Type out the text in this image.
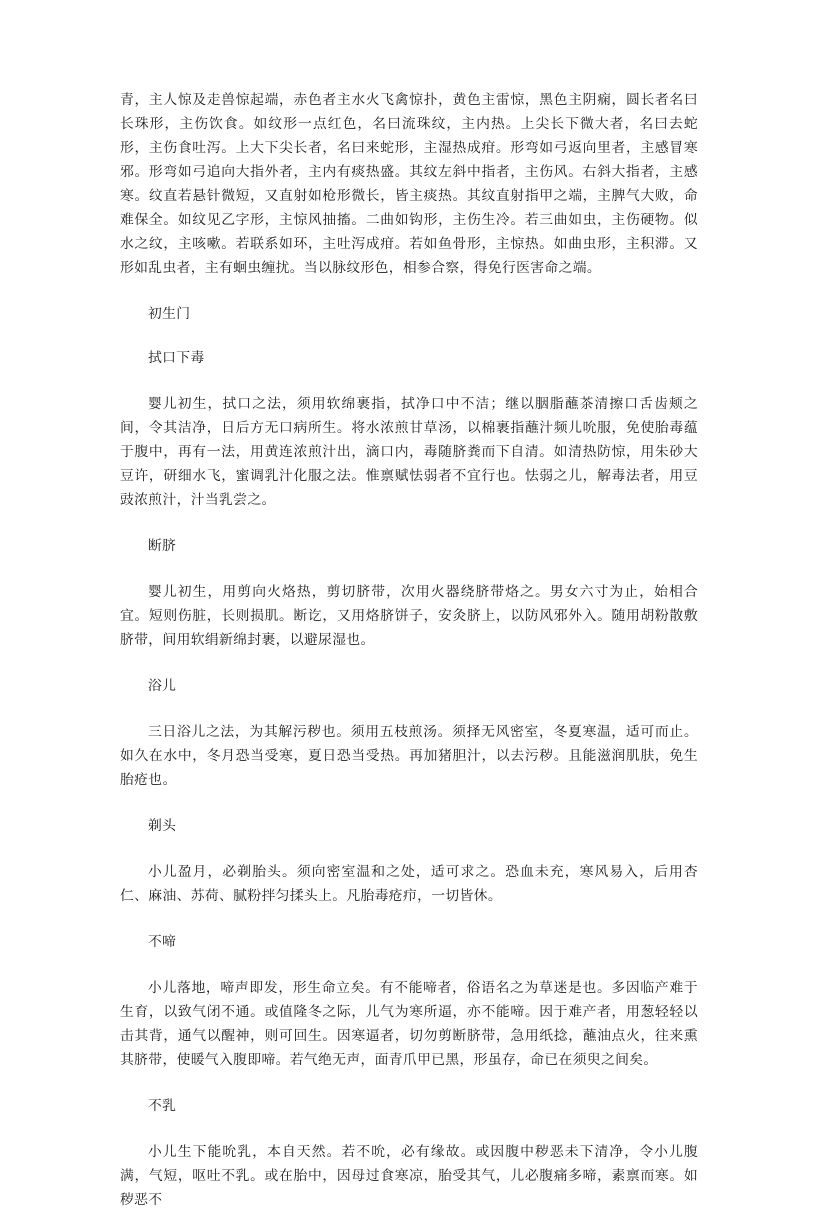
青，主人惊及走兽惊起端，赤色者主水火飞禽惊扑，黄色主雷惊，黑色主阴痫，圆长者名曰长珠形，主伤饮食。如纹形一点红色，名曰流珠纹，主内热。上尖长下微大者，名曰去蛇形，主伤食吐泻。上大下尖长者，名曰来蛇形，主湿热成疳。形弯如弓返向里者，主感冒寒邪。形弯如弓追向大指外者，主内有痰热盛。其纹左斜中指者，主伤风。右斜大指者，主感寒。纹直若悬针微短，又直射如枪形微长，皆主痰热。其纹直射指甲之端，主脾气大败，命难保全。如纹见乙字形，主惊风抽搐。二曲如钩形，主伤生冷。若三曲如虫，主伤硬物。似水之纹，主咳嗽。若联系如环，主吐泻成疳。若如鱼骨形，主惊热。如曲虫形，主积滞。又形如乱虫者，主有蛔虫缠扰。当以脉纹形色，相参合察，得免行医害命之端。

初生门

拭口下毒

婴儿初生，拭口之法，须用软绵裹指，拭净口中不洁；继以胭脂蘸茶清擦口舌齿颊之间，令其洁净，日后方无口病所生。将水浓煎甘草汤，以棉裹指蘸汁频儿吮服，免使胎毒蕴于腹中，再有一法，用黄连浓煎汁出，滴口内，毒随脐粪而下自清。如清热防惊，用朱砂大豆许，研细水飞，蜜调乳汁化服之法。惟禀赋怯弱者不宜行也。怯弱之儿，解毒法者，用豆豉浓煎汁，汁当乳尝之。

断脐

婴儿初生，用剪向火烙热，剪切脐带，次用火器绕脐带烙之。男女六寸为止，始相合宜。短则伤脏，长则损肌。断讫，又用烙脐饼子，安灸脐上，以防风邪外入。随用胡粉散敷脐带，间用软绢新绵封裹，以避尿湿也。

浴儿

三日浴儿之法，为其解污秽也。须用五枝煎汤。须择无风密室，冬夏寒温，适可而止。如久在水中，冬月恐当受寒，夏日恐当受热。再加猪胆汁，以去污秽。且能滋润肌肤，免生胎疮也。

剃头

小儿盈月，必剃胎头。须向密室温和之处，适可求之。恐血未充，寒风易入，后用杏仁、麻油、苏荷、腻粉拌匀揉头上。凡胎毒疮疖，一切皆休。

不啼

小儿落地，啼声即发，形生命立矣。有不能啼者，俗语名之为草迷是也。多因临产难于生育，以致气闭不通。或值隆冬之际，儿气为寒所逼，亦不能啼。因于难产者，用葱轻轻以击其背，通气以醒神，则可回生。因寒逼者，切勿剪断脐带，急用纸捻，蘸油点火，往来熏其脐带，使暖气入腹即啼。若气绝无声，面青爪甲已黑，形虽存，命已在须臾之间矣。

不乳

小儿生下能吮乳，本自天然。若不吮，必有缘故。或因腹中秽恶未下清净，令小儿腹满，气短，呕吐不乳。或在胎中，因母过食寒凉，胎受其气，儿必腹痛多啼，素禀而寒。如秽恶不
